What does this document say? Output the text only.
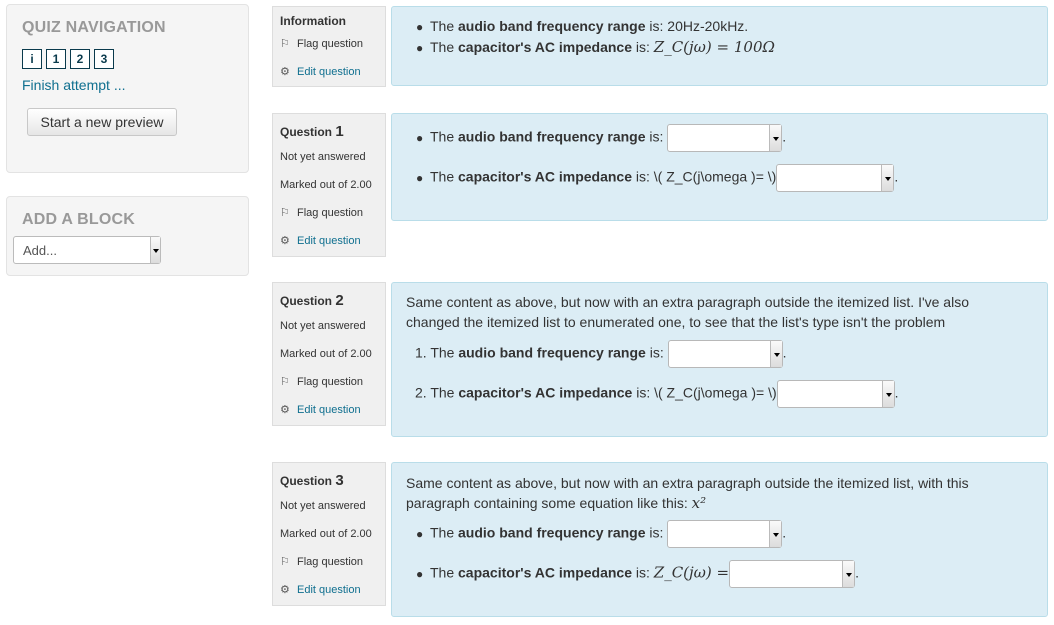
QUIZ NAVIGATION
i 1 2 3
Finish attempt ...
Start a new preview
ADD A BLOCK
Add...
Information
⚐ Flag question
⚙ Edit question
● The audio band frequency range is: 20Hz-20kHz.
● The capacitor's AC impedance is: Z_C(jω) = 100Ω
Question 1
Not yet answered
Marked out of 2.00
⚐ Flag question
⚙ Edit question
● The audio band frequency range is:	.
● The capacitor's AC impedance is: \( Z_C(j\omega )= \)	.
Question 2
Not yet answered
Marked out of 2.00
⚐ Flag question
⚙ Edit question
Same content as above, but now with an extra paragraph outside the itemized list. I've also changed the itemized list to enumerated one, to see that the list's type isn't the problem
1. The audio band frequency range is:	.
2. The capacitor's AC impedance is: \( Z_C(j\omega )= \)	.
Question 3
Not yet answered
Marked out of 2.00
⚐ Flag question
⚙ Edit question
Same content as above, but now with an extra paragraph outside the itemized list, with this paragraph containing some equation like this: x²
● The audio band frequency range is:	.
● The capacitor's AC impedance is: Z_C(jω) =	.
